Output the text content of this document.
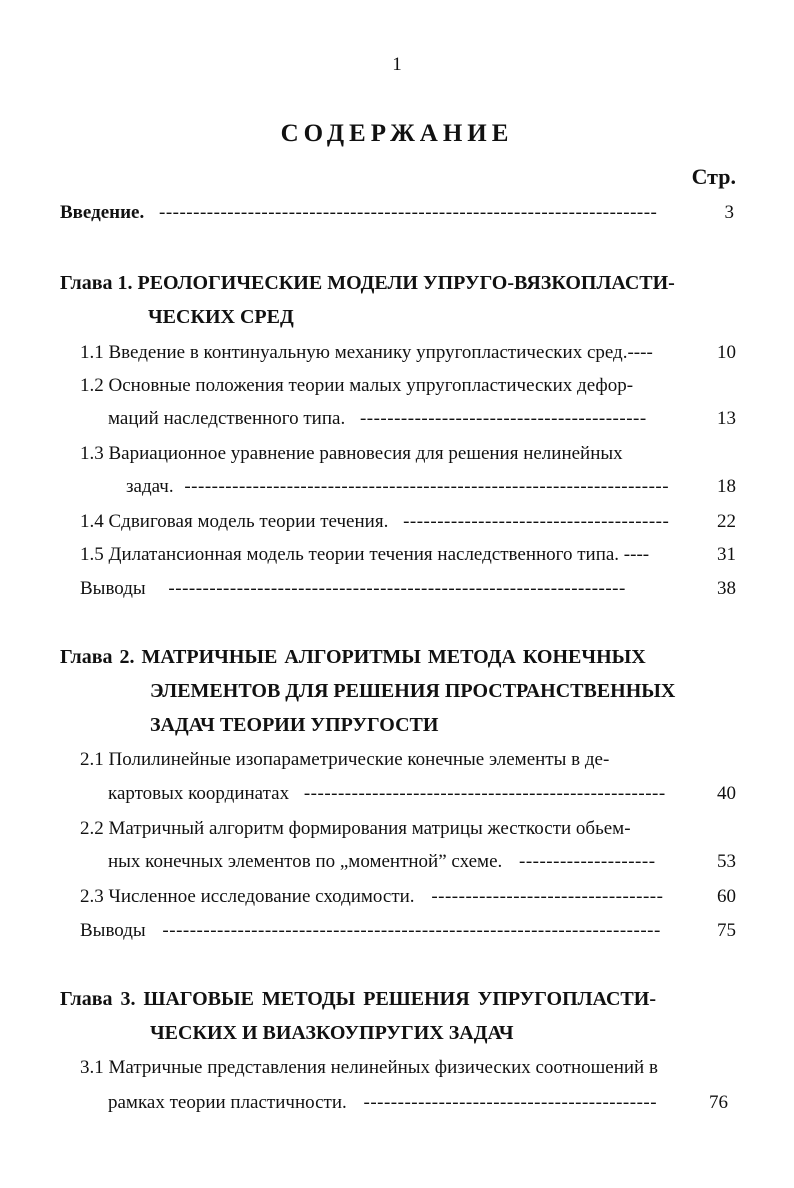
1
СОДЕРЖАНИЕ
Стр.
Введение. -------------------------------------------------------------------------	3
Глава 1. РЕОЛОГИЧЕСКИЕ МОДЕЛИ УПРУГО-ВЯЗКОПЛАСТИ-
ЧЕСКИХ СРЕД
1.1 Введение в континуальную механику упругопластических сред.----	10
1.2 Основные положения теории малых упругопластических дефор-
маций наследственного типа. ------------------------------------------	13
1.3 Вариационное уравнение равновесия для решения нелинейных
задач. -----------------------------------------------------------------------	18
1.4 Сдвиговая модель теории течения. ---------------------------------------	22
1.5 Дилатансионная модель теории течения наследственного типа. ----	31
Выводы -------------------------------------------------------------------	38
Глава 2. МАТРИЧНЫЕ АЛГОРИТМЫ МЕТОДА КОНЕЧНЫХ
ЭЛЕМЕНТОВ ДЛЯ РЕШЕНИЯ ПРОСТРАНСТВЕННЫХ
ЗАДАЧ ТЕОРИИ УПРУГОСТИ
2.1 Полилинейные изопараметрические конечные элементы в де-
картовых координатах -----------------------------------------------------	40
2.2 Матричный алгоритм формирования матрицы жесткости обьем-
ных конечных элементов по „моментной” схеме. --------------------	53
2.3 Численное исследование сходимости. ----------------------------------	60
Выводы -------------------------------------------------------------------------	75
Глава 3. ШАГОВЫЕ МЕТОДЫ РЕШЕНИЯ УПРУГОПЛАСТИ-
ЧЕСКИХ И ВИАЗКОУПРУГИХ ЗАДАЧ
3.1 Матричные представления нелинейных физических соотношений в
рамках теории пластичности. -------------------------------------------	76
